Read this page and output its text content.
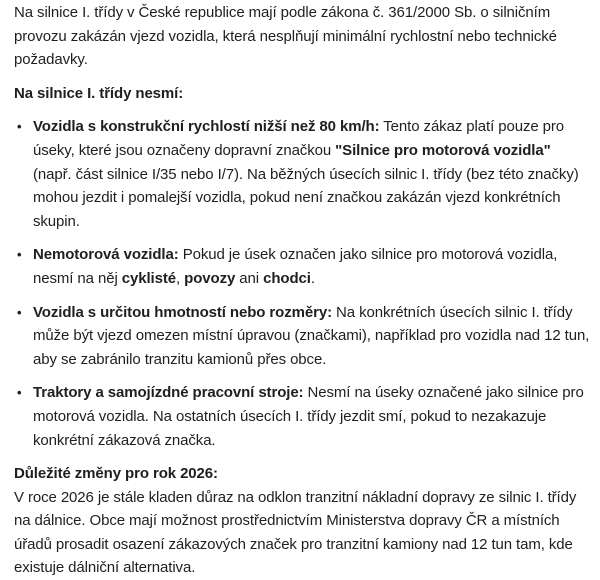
Na silnice I. třídy v České republice mají podle zákona č. 361/2000 Sb. o silničním provozu zakázán vjezd vozidla, která nesplňují minimální rychlostní nebo technické požadavky.

Na silnice I. třídy nesmí:

• Vozidla s konstrukční rychlostí nižší než 80 km/h: Tento zákaz platí pouze pro úseky, které jsou označeny dopravní značkou "Silnice pro motorová vozidla" (např. část silnice I/35 nebo I/7). Na běžných úsecích silnic I. třídy (bez této značky) mohou jezdit i pomalejší vozidla, pokud není značkou zakázán vjezd konkrétních skupin.
• Nemotorová vozidla: Pokud je úsek označen jako silnice pro motorová vozidla, nesmí na něj cyklisté, povozy ani chodci.
• Vozidla s určitou hmotností nebo rozměry: Na konkrétních úsecích silnic I. třídy může být vjezd omezen místní úpravou (značkami), například pro vozidla nad 12 tun, aby se zabránilo tranzitu kamionů přes obce.
• Traktory a samojízdné pracovní stroje: Nesmí na úseky označené jako silnice pro motorová vozidla. Na ostatních úsecích I. třídy jezdit smí, pokud to nezakazuje konkrétní zákazová značka.

Důležité změny pro rok 2026:

V roce 2026 je stále kladen důraz na odklon tranzitní nákladní dopravy ze silnic I. třídy na dálnice. Obce mají možnost prostřednictvím Ministerstva dopravy ČR a místních úřadů prosadit osazení zákazových značek pro tranzitní kamiony nad 12 tun tam, kde existuje dálniční alternativa.
